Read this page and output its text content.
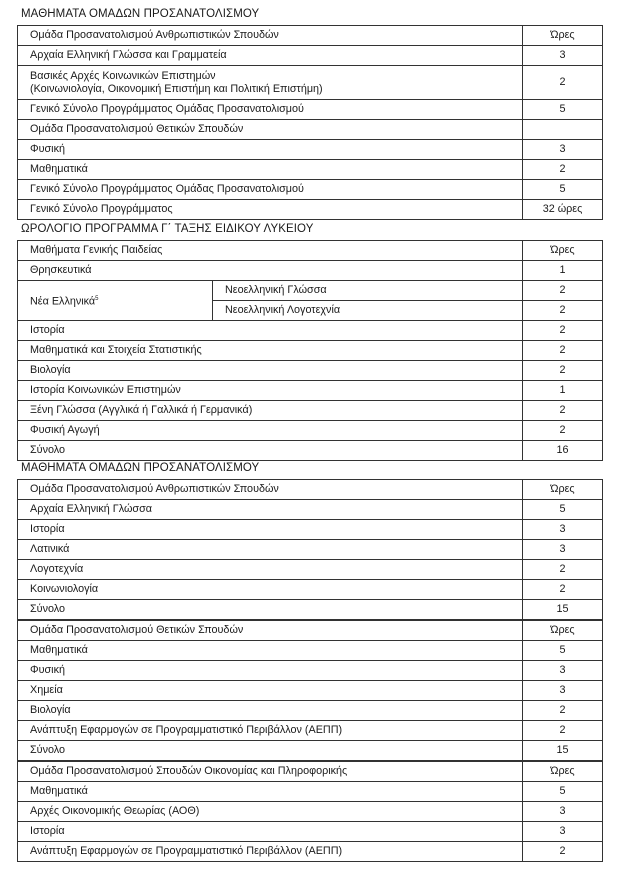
ΜΑΘΗΜΑΤΑ ΟΜΑΔΩΝ ΠΡΟΣΑΝΑΤΟΛΙΣΜΟΥ
Ομάδα Προσανατολισμού Ανθρωπιστικών Σπουδών	Ώρες
Αρχαία Ελληνική Γλώσσα και Γραμματεία	3
Βασικές Αρχές Κοινωνικών Επιστημών
(Κοινωνιολογία, Οικονομική Επιστήμη και Πολιτική Επιστήμη)	2
Γενικό Σύνολο Προγράμματος Ομάδας Προσανατολισμού	5
Ομάδα Προσανατολισμού Θετικών Σπουδών	
Φυσική	3
Μαθηματικά	2
Γενικό Σύνολο Προγράμματος Ομάδας Προσανατολισμού	5
Γενικό Σύνολο Προγράμματος	32 ώρες
ΩΡΟΛΟΓΙΟ ΠΡΟΓΡΑΜΜΑ Γ΄ ΤΑΞΗΣ ΕΙΔΙΚΟΥ ΛΥΚΕΙΟΥ
Μαθήματα Γενικής Παιδείας		Ώρες
Θρησκευτικά		1
Νέα Ελληνικά$^5$	Νεοελληνική Γλώσσα	2
	Νεοελληνική Λογοτεχνία	2
Ιστορία		2
Μαθηματικά και Στοιχεία Στατιστικής		2
Βιολογία		2
Ιστορία Κοινωνικών Επιστημών		1
Ξένη Γλώσσα (Αγγλικά ή Γαλλικά ή Γερμανικά)		2
Φυσική Αγωγή		2
Σύνολο		16
ΜΑΘΗΜΑΤΑ ΟΜΑΔΩΝ ΠΡΟΣΑΝΑΤΟΛΙΣΜΟΥ
Ομάδα Προσανατολισμού Ανθρωπιστικών Σπουδών	Ώρες
Αρχαία Ελληνική Γλώσσα	5
Ιστορία	3
Λατινικά	3
Λογοτεχνία	2
Κοινωνιολογία	2
Σύνολο	15
Ομάδα Προσανατολισμού Θετικών Σπουδών	Ώρες
Μαθηματικά	5
Φυσική	3
Χημεία	3
Βιολογία	2
Ανάπτυξη Εφαρμογών σε Προγραμματιστικό Περιβάλλον (ΑΕΠΠ)	2
Σύνολο	15
Ομάδα Προσανατολισμού Σπουδών Οικονομίας και Πληροφορικής	Ώρες
Μαθηματικά	5
Αρχές Οικονομικής Θεωρίας (ΑΟΘ)	3
Ιστορία	3
Ανάπτυξη Εφαρμογών σε Προγραμματιστικό Περιβάλλον (ΑΕΠΠ)	2
